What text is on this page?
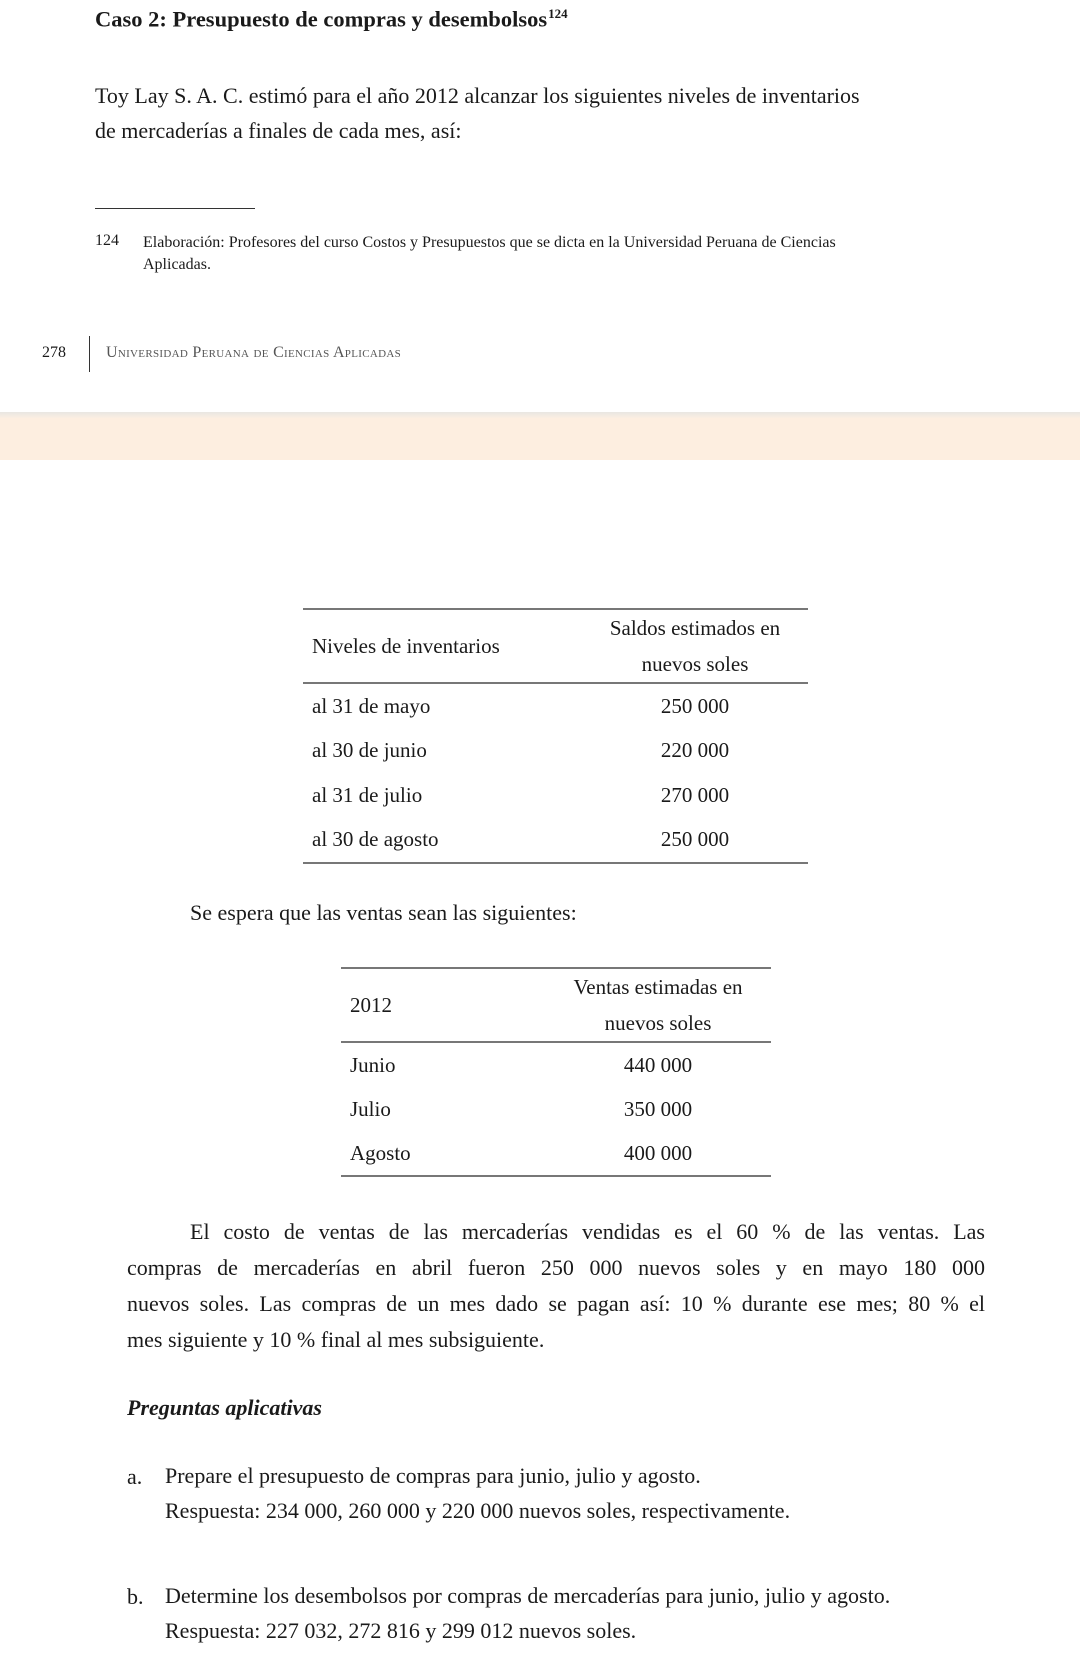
Caso 2: Presupuesto de compras y desembolsos$^{124}$
Toy Lay S. A. C. estimó para el año 2012 alcanzar los siguientes niveles de inventarios
de mercaderías a finales de cada mes, así:
124 Elaboración: Profesores del curso Costos y Presupuestos que se dicta en la Universidad Peruana de Ciencias
Aplicadas.
278	Universidad Peruana de Ciencias Aplicadas
Niveles de inventarios	Saldos estimados en
	nuevos soles
al 31 de mayo	250 000
al 30 de junio	220 000
al 31 de julio	270 000
al 30 de agosto	250 000
Se espera que las ventas sean las siguientes:
2012	Ventas estimadas en
	nuevos soles
Junio	440 000
Julio	350 000
Agosto	400 000
El costo de ventas de las mercaderías vendidas es el 60 % de las ventas. Las
compras de mercaderías en abril fueron 250 000 nuevos soles y en mayo 180 000
nuevos soles. Las compras de un mes dado se pagan así: 10 % durante ese mes; 80 % el
mes siguiente y 10 % final al mes subsiguiente.
Preguntas aplicativas
a. Prepare el presupuesto de compras para junio, julio y agosto.
Respuesta: 234 000, 260 000 y 220 000 nuevos soles, respectivamente.
b. Determine los desembolsos por compras de mercaderías para junio, julio y agosto.
Respuesta: 227 032, 272 816 y 299 012 nuevos soles.
